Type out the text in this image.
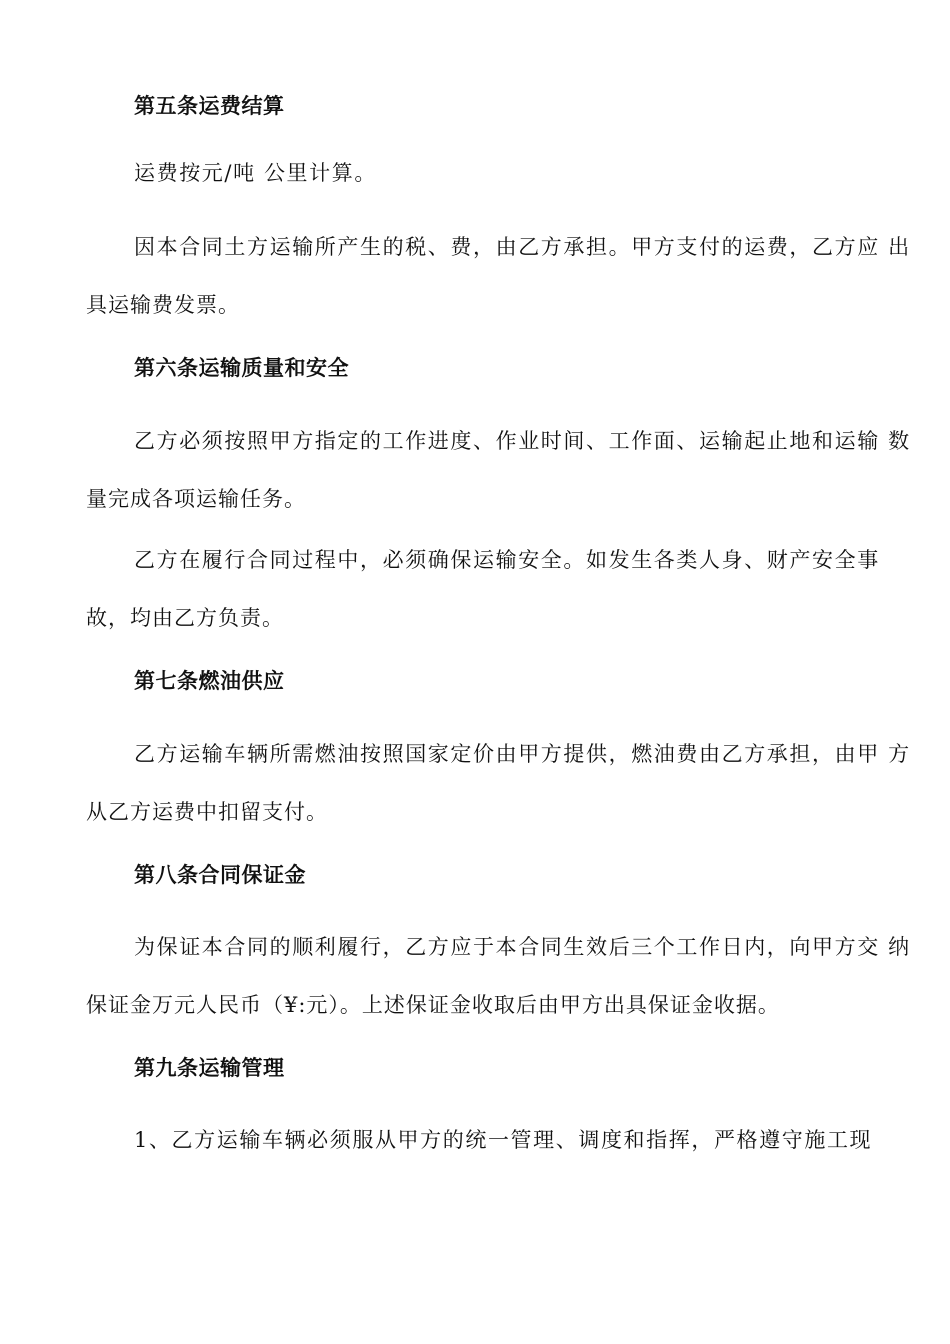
第五条运费结算
运费按元/吨 公里计算。
因本合同土方运输所产生的税、费，由乙方承担。甲方支付的运费，乙方应 出
具运输费发票。
第六条运输质量和安全
乙方必须按照甲方指定的工作进度、作业时间、工作面、运输起止地和运输 数
量完成各项运输任务。
乙方在履行合同过程中，必须确保运输安全。如发生各类人身、财产安全事
故，均由乙方负责。
第七条燃油供应
乙方运输车辆所需燃油按照国家定价由甲方提供，燃油费由乙方承担，由甲 方
从乙方运费中扣留支付。
第八条合同保证金
为保证本合同的顺利履行，乙方应于本合同生效后三个工作日内，向甲方交 纳
保证金万元人民币（¥:元）。上述保证金收取后由甲方出具保证金收据。
第九条运输管理
1、乙方运输车辆必须服从甲方的统一管理、调度和指挥，严格遵守施工现
